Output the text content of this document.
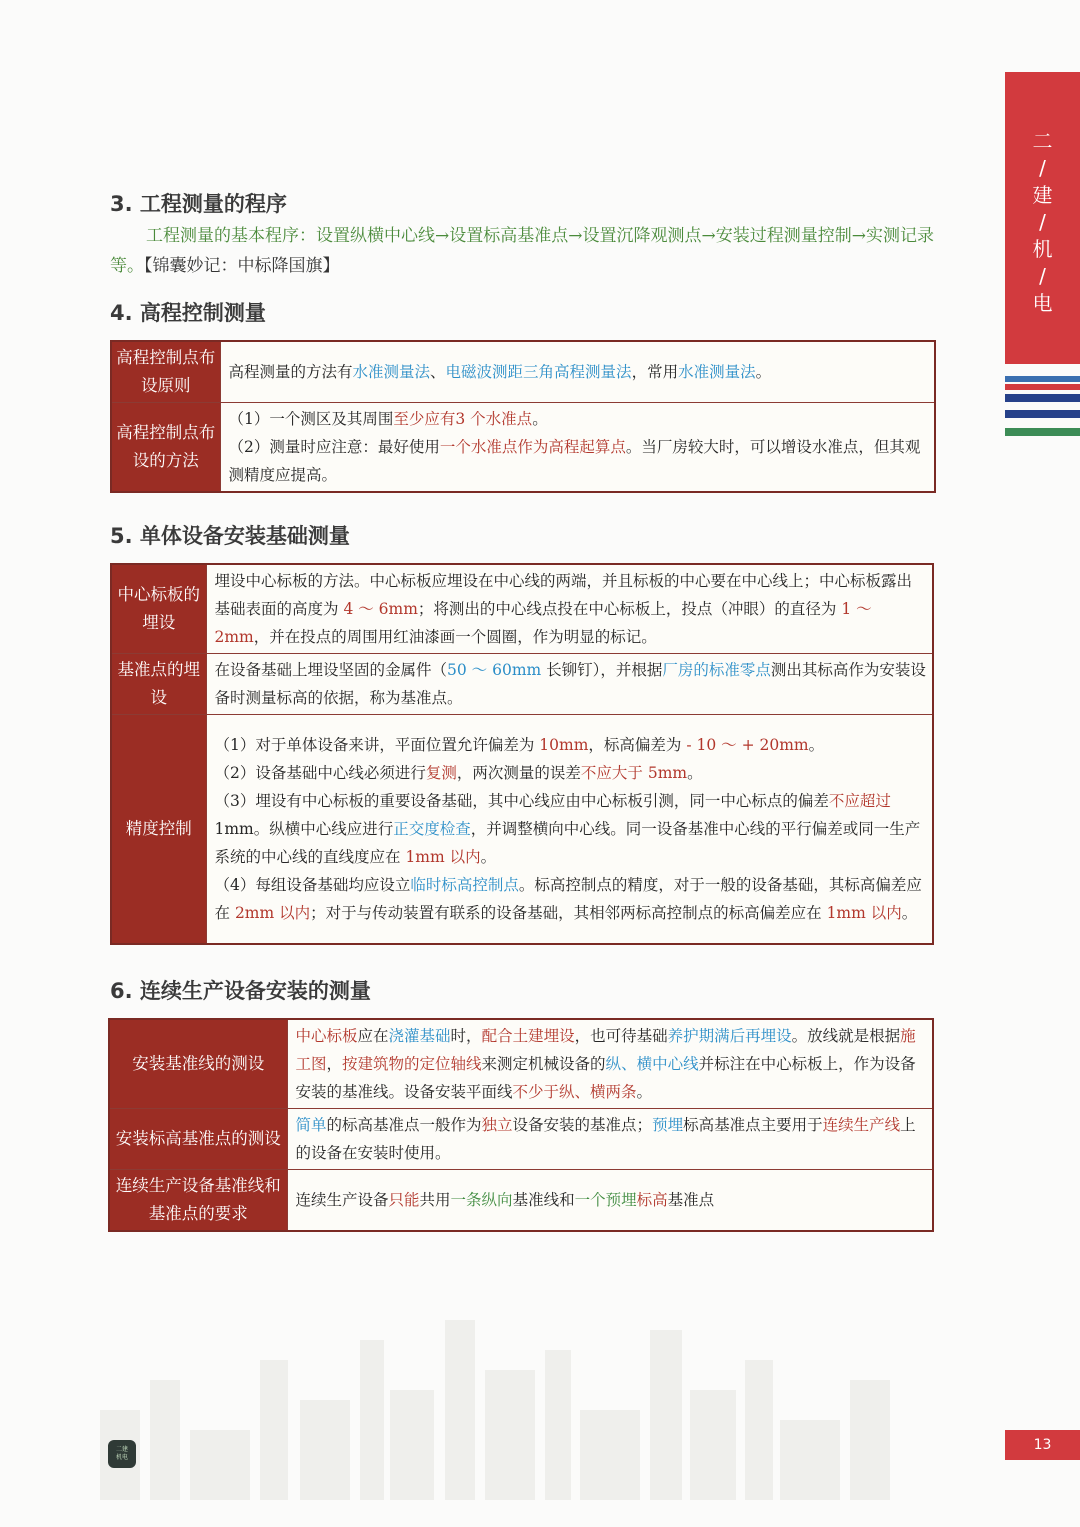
二
/
建
/
机
/
电
3. 工程测量的程序
工程测量的基本程序：设置纵横中心线→设置标高基准点→设置沉降观测点→安装过程测量控制→实测记录等。【锦囊妙记：中标降国旗】
4. 高程控制测量
高程控制点布设原则	高程测量的方法有水准测量法、电磁波测距三角高程测量法，常用水准测量法。
高程控制点布设的方法	（1）一个测区及其周围至少应有3 个水准点。
（2）测量时应注意：最好使用一个水准点作为高程起算点。当厂房较大时，可以增设水准点，但其观测精度应提高。
5. 单体设备安装基础测量
中心标板的埋设	埋设中心标板的方法。中心标板应埋设在中心线的两端，并且标板的中心要在中心线上；中心标板露出基础表面的高度为 4 ～ 6mm；将测出的中心线点投在中心标板上，投点（冲眼）的直径为 1 ～ 2mm，并在投点的周围用红油漆画一个圆圈，作为明显的标记。
基准点的埋设	在设备基础上埋设坚固的金属件（50 ～ 60mm 长铆钉），并根据厂房的标准零点测出其标高作为安装设备时测量标高的依据，称为基准点。
精度控制	（1）对于单体设备来讲，平面位置允许偏差为 10mm，标高偏差为 - 10 ～ + 20mm。
（2）设备基础中心线必须进行复测，两次测量的误差不应大于 5mm。
（3）埋设有中心标板的重要设备基础，其中心线应由中心标板引测，同一中心标点的偏差不应超过 1mm。纵横中心线应进行正交度检查，并调整横向中心线。同一设备基准中心线的平行偏差或同一生产系统的中心线的直线度应在 1mm 以内。
（4）每组设备基础均应设立临时标高控制点。标高控制点的精度，对于一般的设备基础，其标高偏差应在 2mm 以内；对于与传动装置有联系的设备基础，其相邻两标高控制点的标高偏差应在 1mm 以内。
6. 连续生产设备安装的测量
安装基准线的测设	中心标板应在浇灌基础时，配合土建埋设，也可待基础养护期满后再埋设。放线就是根据施工图，按建筑物的定位轴线来测定机械设备的纵、横中心线并标注在中心标板上，作为设备安装的基准线。设备安装平面线不少于纵、横两条。
安装标高基准点的测设	简单的标高基准点一般作为独立设备安装的基准点；预埋标高基准点主要用于连续生产线上的设备在安装时使用。
连续生产设备基准线和基准点的要求	连续生产设备只能共用一条纵向基准线和一个预埋标高基准点
二建
机电
13
